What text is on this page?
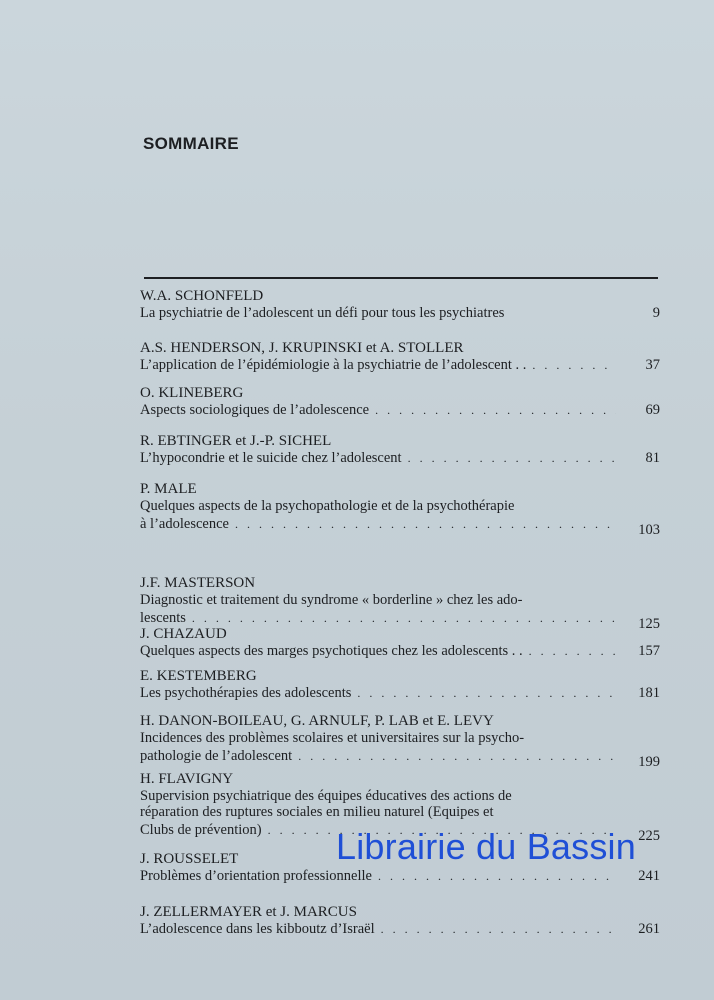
SOMMAIRE
W.A. SCHONFELD
La psychiatrie de l’adolescent un défi pour tous les psychiatres	9
A.S. HENDERSON, J. KRUPINSKI et A. STOLLER
L’application de l’épidémiologie à la psychiatrie de l’adolescent . . . . .	37
O. KLINEBERG
Aspects sociologiques de l’adolescence . . .	69
R. EBTINGER et J.-P. SICHEL
L’hypocondrie et le suicide chez l’adolescent . . .	81
P. MALE
Quelques aspects de la psychopathologie et de la psychothérapie
à l’adolescence . . .	103
J.F. MASTERSON
Diagnostic et traitement du syndrome « borderline » chez les ado-
lescents . . .	125
J. CHAZAUD
Quelques aspects des marges psychotiques chez les adolescents . . . . .	157
E. KESTEMBERG
Les psychothérapies des adolescents . . .	181
H. DANON-BOILEAU, G. ARNULF, P. LAB et E. LEVY
Incidences des problèmes scolaires et universitaires sur la psycho-
pathologie de l’adolescent . . .	199
H. FLAVIGNY
Supervision psychiatrique des équipes éducatives des actions de
réparation des ruptures sociales en milieu naturel (Equipes et
Clubs de prévention) . . .	225
J. ROUSSELET
Problèmes d’orientation professionnelle . . .	241
J. ZELLERMAYER et J. MARCUS
L’adolescence dans les kibboutz d’Israël . . .	261
Librairie du Bassin
